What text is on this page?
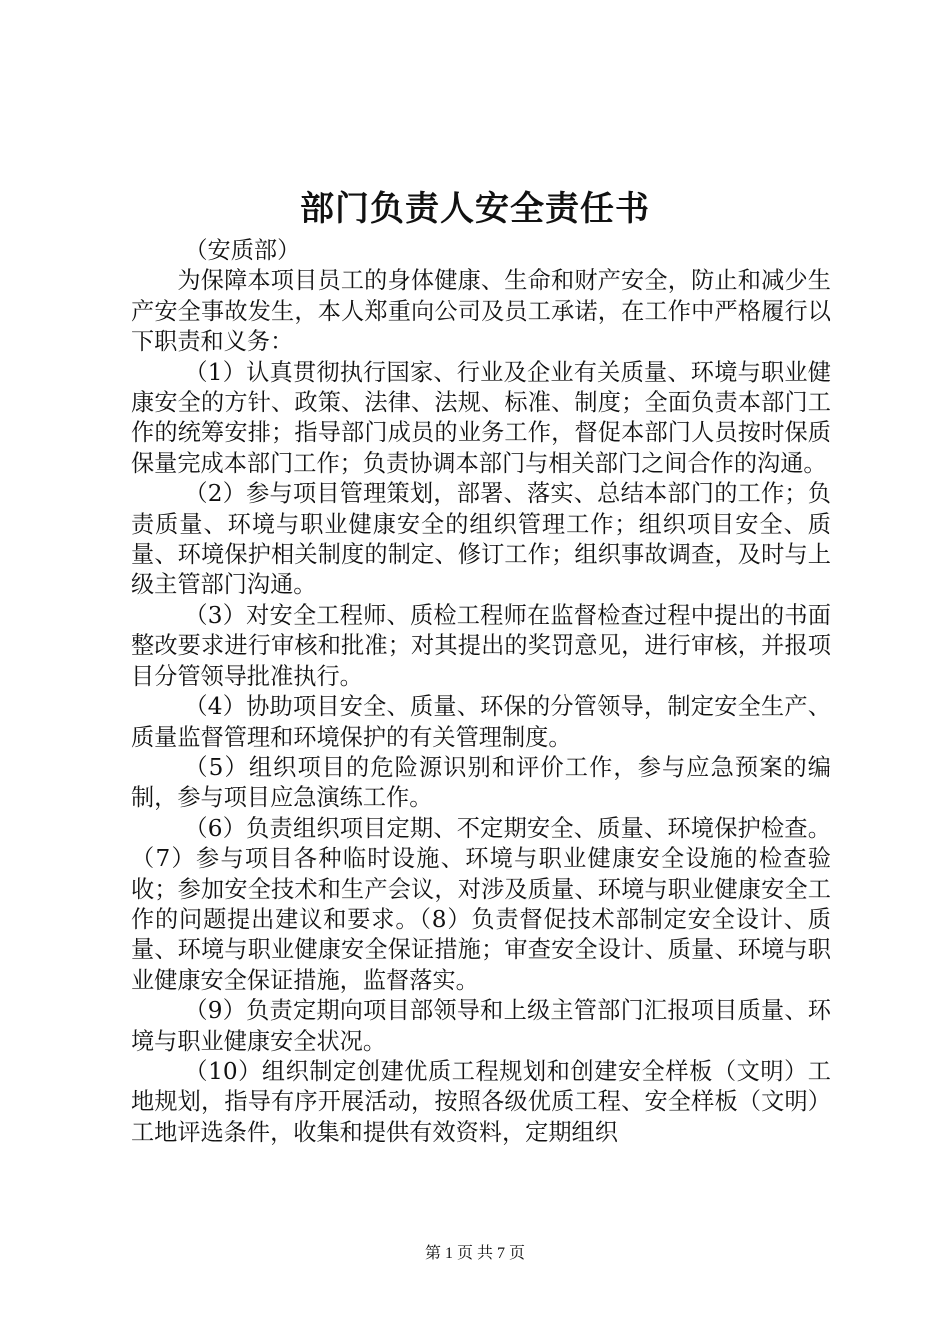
部门负责人安全责任书

（安质部）

为保障本项目员工的身体健康、生命和财产安全，防止和减少生产安全事故发生，本人郑重向公司及员工承诺，在工作中严格履行以下职责和义务：

（1）认真贯彻执行国家、行业及企业有关质量、环境与职业健康安全的方针、政策、法律、法规、标准、制度；全面负责本部门工作的统筹安排；指导部门成员的业务工作，督促本部门人员按时保质保量完成本部门工作；负责协调本部门与相关部门之间合作的沟通。

（2）参与项目管理策划，部署、落实、总结本部门的工作；负责质量、环境与职业健康安全的组织管理工作；组织项目安全、质量、环境保护相关制度的制定、修订工作；组织事故调查，及时与上级主管部门沟通。

（3）对安全工程师、质检工程师在监督检查过程中提出的书面整改要求进行审核和批准；对其提出的奖罚意见，进行审核，并报项目分管领导批准执行。

（4）协助项目安全、质量、环保的分管领导，制定安全生产、质量监督管理和环境保护的有关管理制度。

（5）组织项目的危险源识别和评价工作，参与应急预案的编制，参与项目应急演练工作。

（6）负责组织项目定期、不定期安全、质量、环境保护检查。（7）参与项目各种临时设施、环境与职业健康安全设施的检查验收；参加安全技术和生产会议，对涉及质量、环境与职业健康安全工作的问题提出建议和要求。（8）负责督促技术部制定安全设计、质量、环境与职业健康安全保证措施；审查安全设计、质量、环境与职业健康安全保证措施，监督落实。

（9）负责定期向项目部领导和上级主管部门汇报项目质量、环境与职业健康安全状况。

（10）组织制定创建优质工程规划和创建安全样板（文明）工地规划，指导有序开展活动，按照各级优质工程、安全样板（文明）工地评选条件，收集和提供有效资料，定期组织

第 1 页 共 7 页
